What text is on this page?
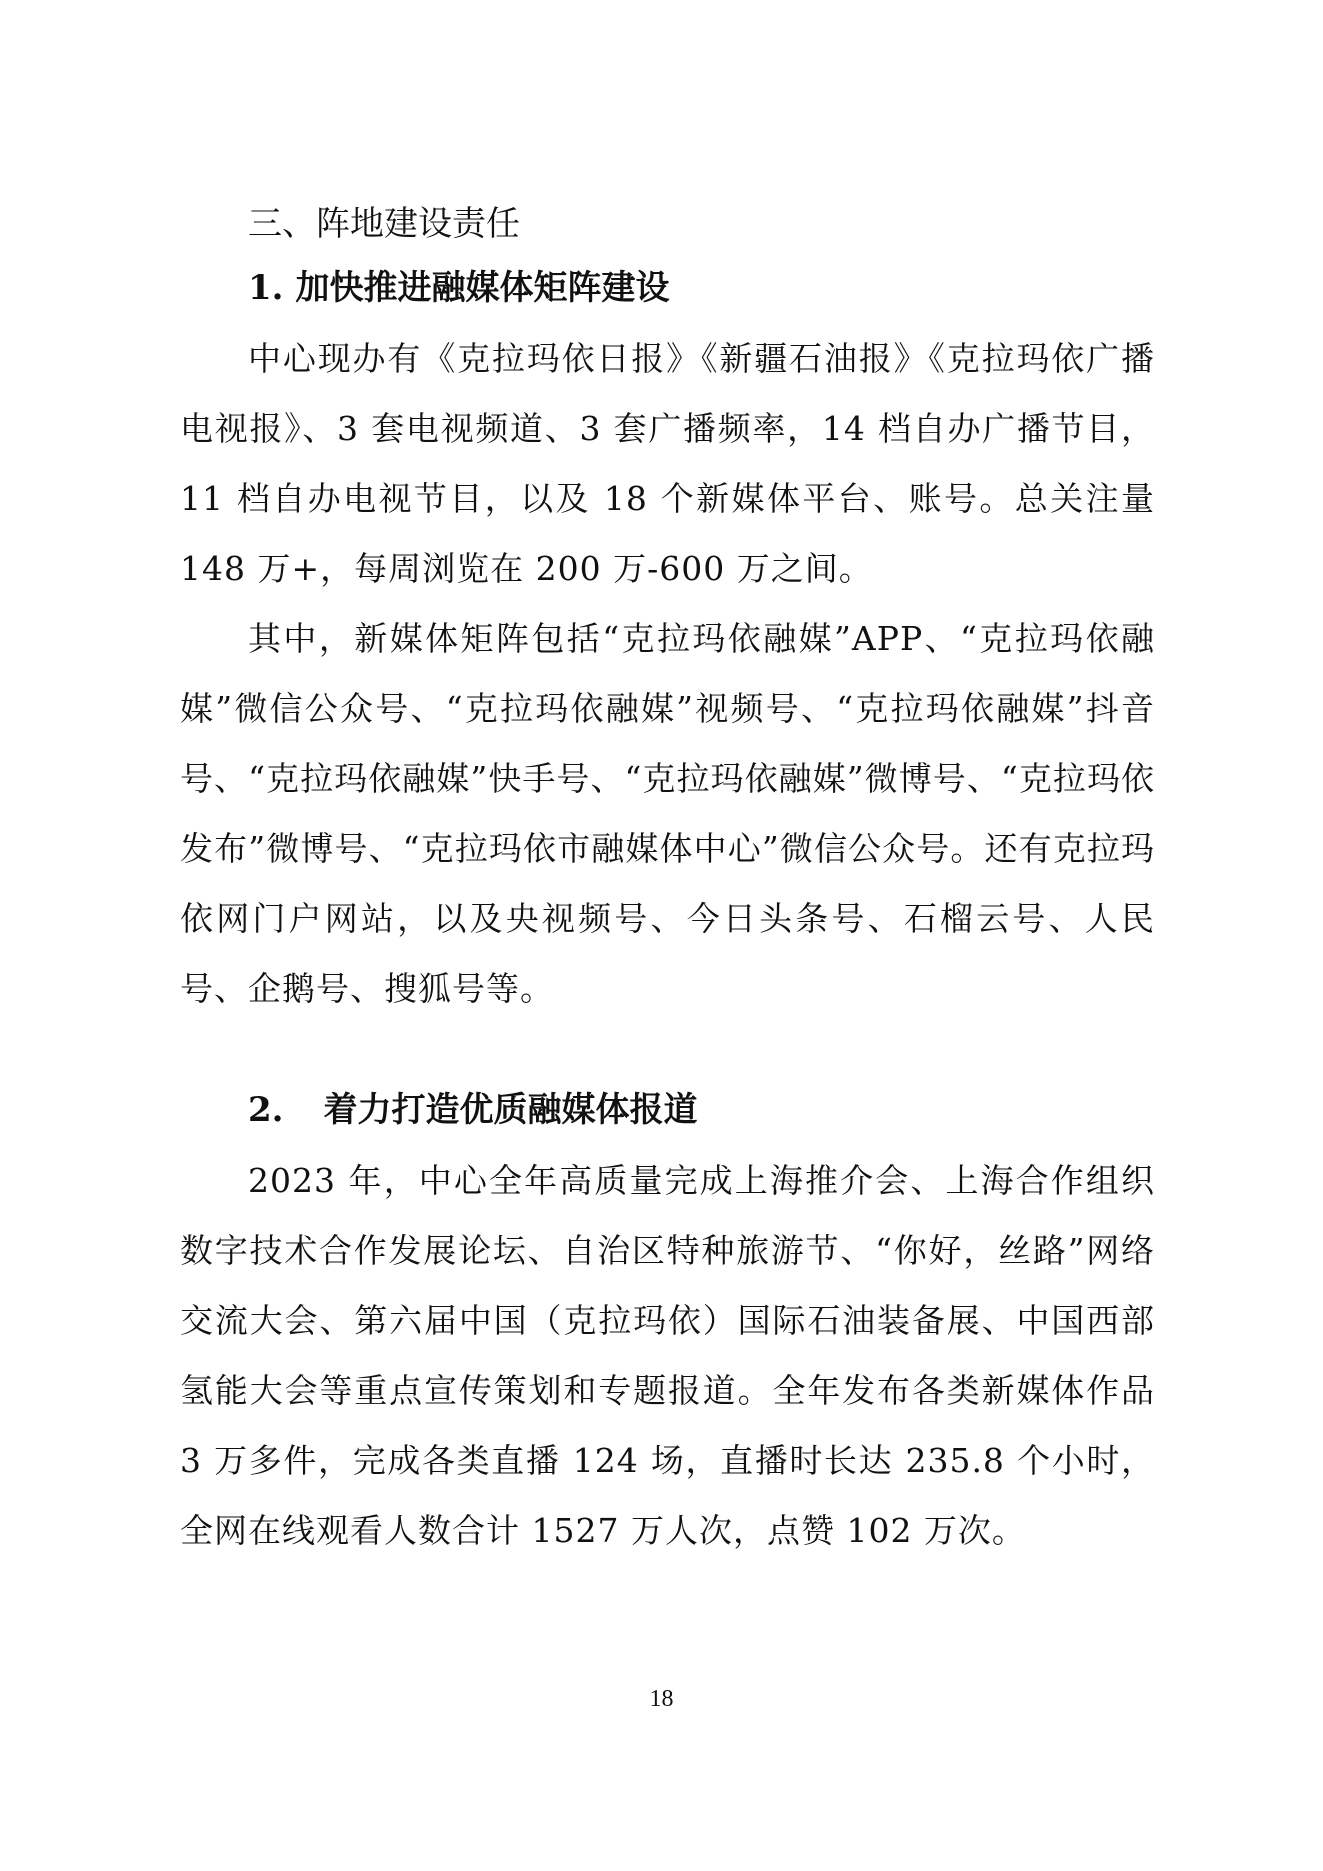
三、阵地建设责任
1. 加快推进融媒体矩阵建设

中心现办有《克拉玛依日报》《新疆石油报》《克拉玛依广播电视报》、3 套电视频道、3 套广播频率，14 档自办广播节目，11 档自办电视节目，以及 18 个新媒体平台、账号。总关注量 148 万+，每周浏览在 200 万-600 万之间。

其中，新媒体矩阵包括“克拉玛依融媒”APP、“克拉玛依融媒”微信公众号、“克拉玛依融媒”视频号、“克拉玛依融媒”抖音号、“克拉玛依融媒”快手号、“克拉玛依融媒”微博号、“克拉玛依发布”微博号、“克拉玛依市融媒体中心”微信公众号。还有克拉玛依网门户网站，以及央视频号、今日头条号、石榴云号、人民号、企鹅号、搜狐号等。

2. 着力打造优质融媒体报道

2023 年，中心全年高质量完成上海推介会、上海合作组织数字技术合作发展论坛、自治区特种旅游节、“你好，丝路”网络交流大会、第六届中国（克拉玛依）国际石油装备展、中国西部氢能大会等重点宣传策划和专题报道。全年发布各类新媒体作品 3 万多件，完成各类直播 124 场，直播时长达 235.8 个小时，全网在线观看人数合计 1527 万人次，点赞 102 万次。

18
